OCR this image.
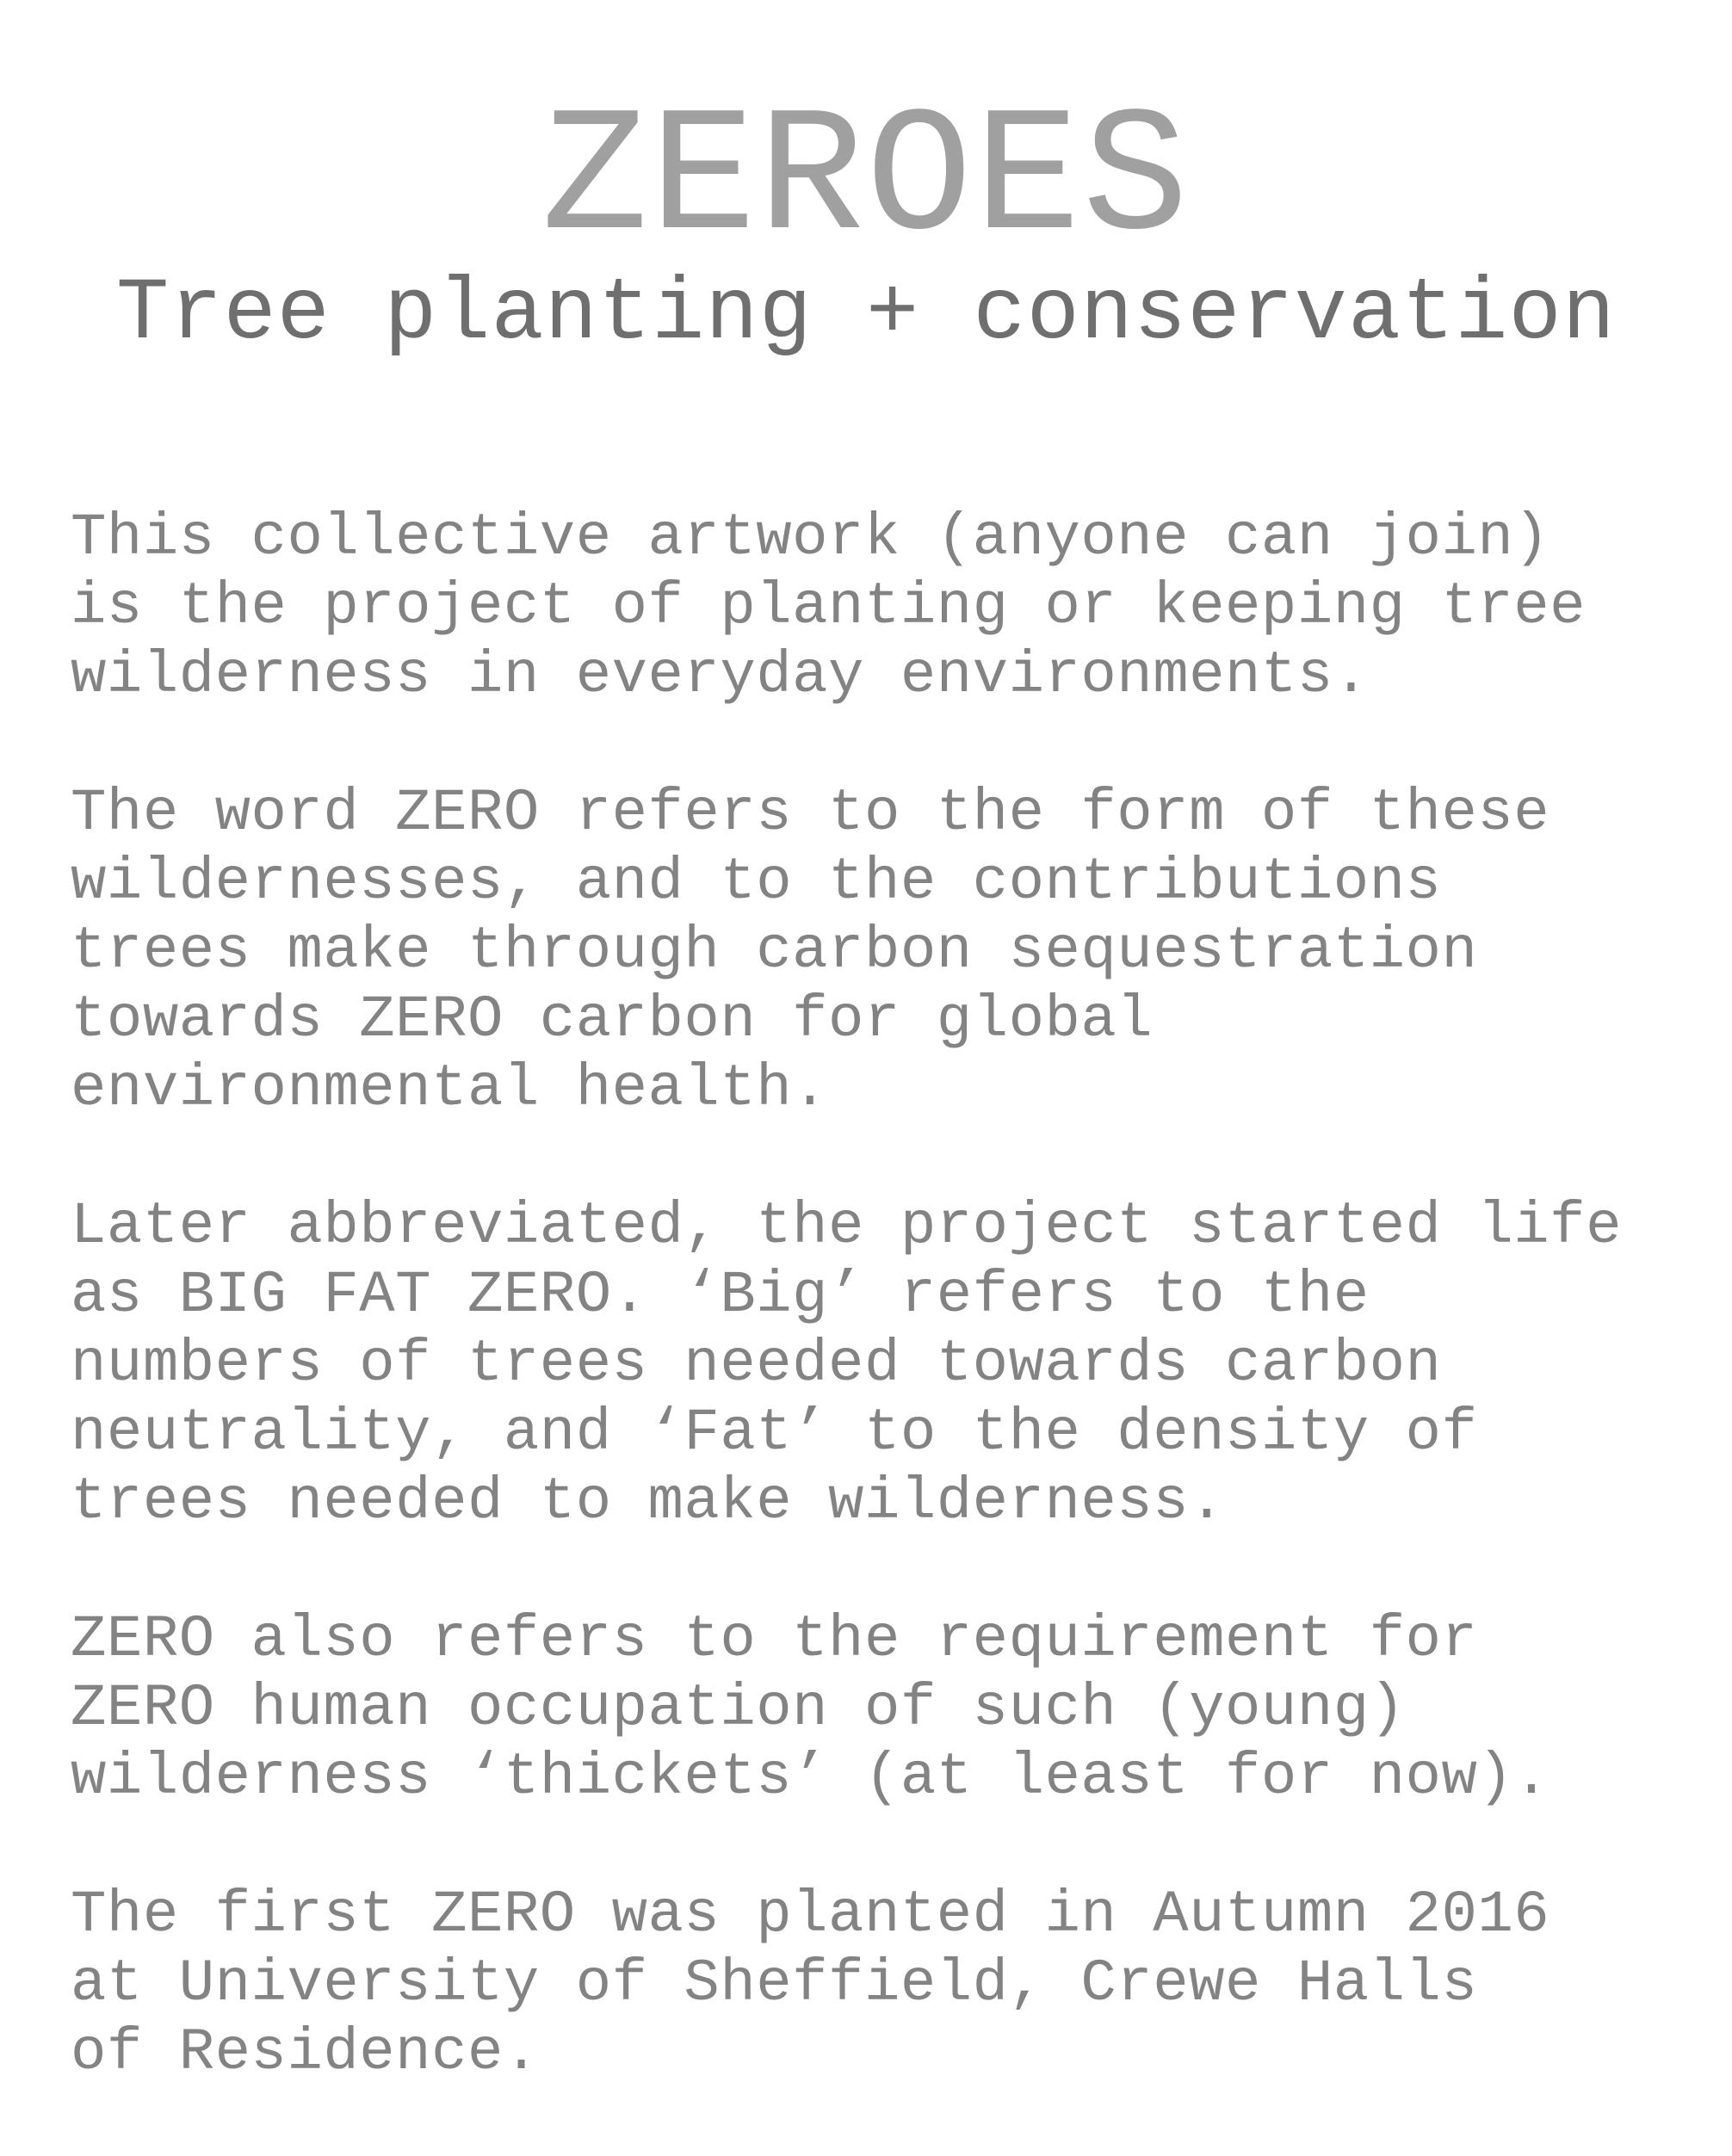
ZEROES
Tree planting + conservation

This collective artwork (anyone can join)
is the project of planting or keeping tree
wilderness in everyday environments.

The word ZERO refers to the form of these
wildernesses, and to the contributions
trees make through carbon sequestration
towards ZERO carbon for global
environmental health.

Later abbreviated, the project started life
as BIG FAT ZERO. ‘Big’ refers to the
numbers of trees needed towards carbon
neutrality, and ‘Fat’ to the density of
trees needed to make wilderness.

ZERO also refers to the requirement for
ZERO human occupation of such (young)
wilderness ‘thickets’ (at least for now).

The first ZERO was planted in Autumn 2016
at University of Sheffield, Crewe Halls
of Residence.
